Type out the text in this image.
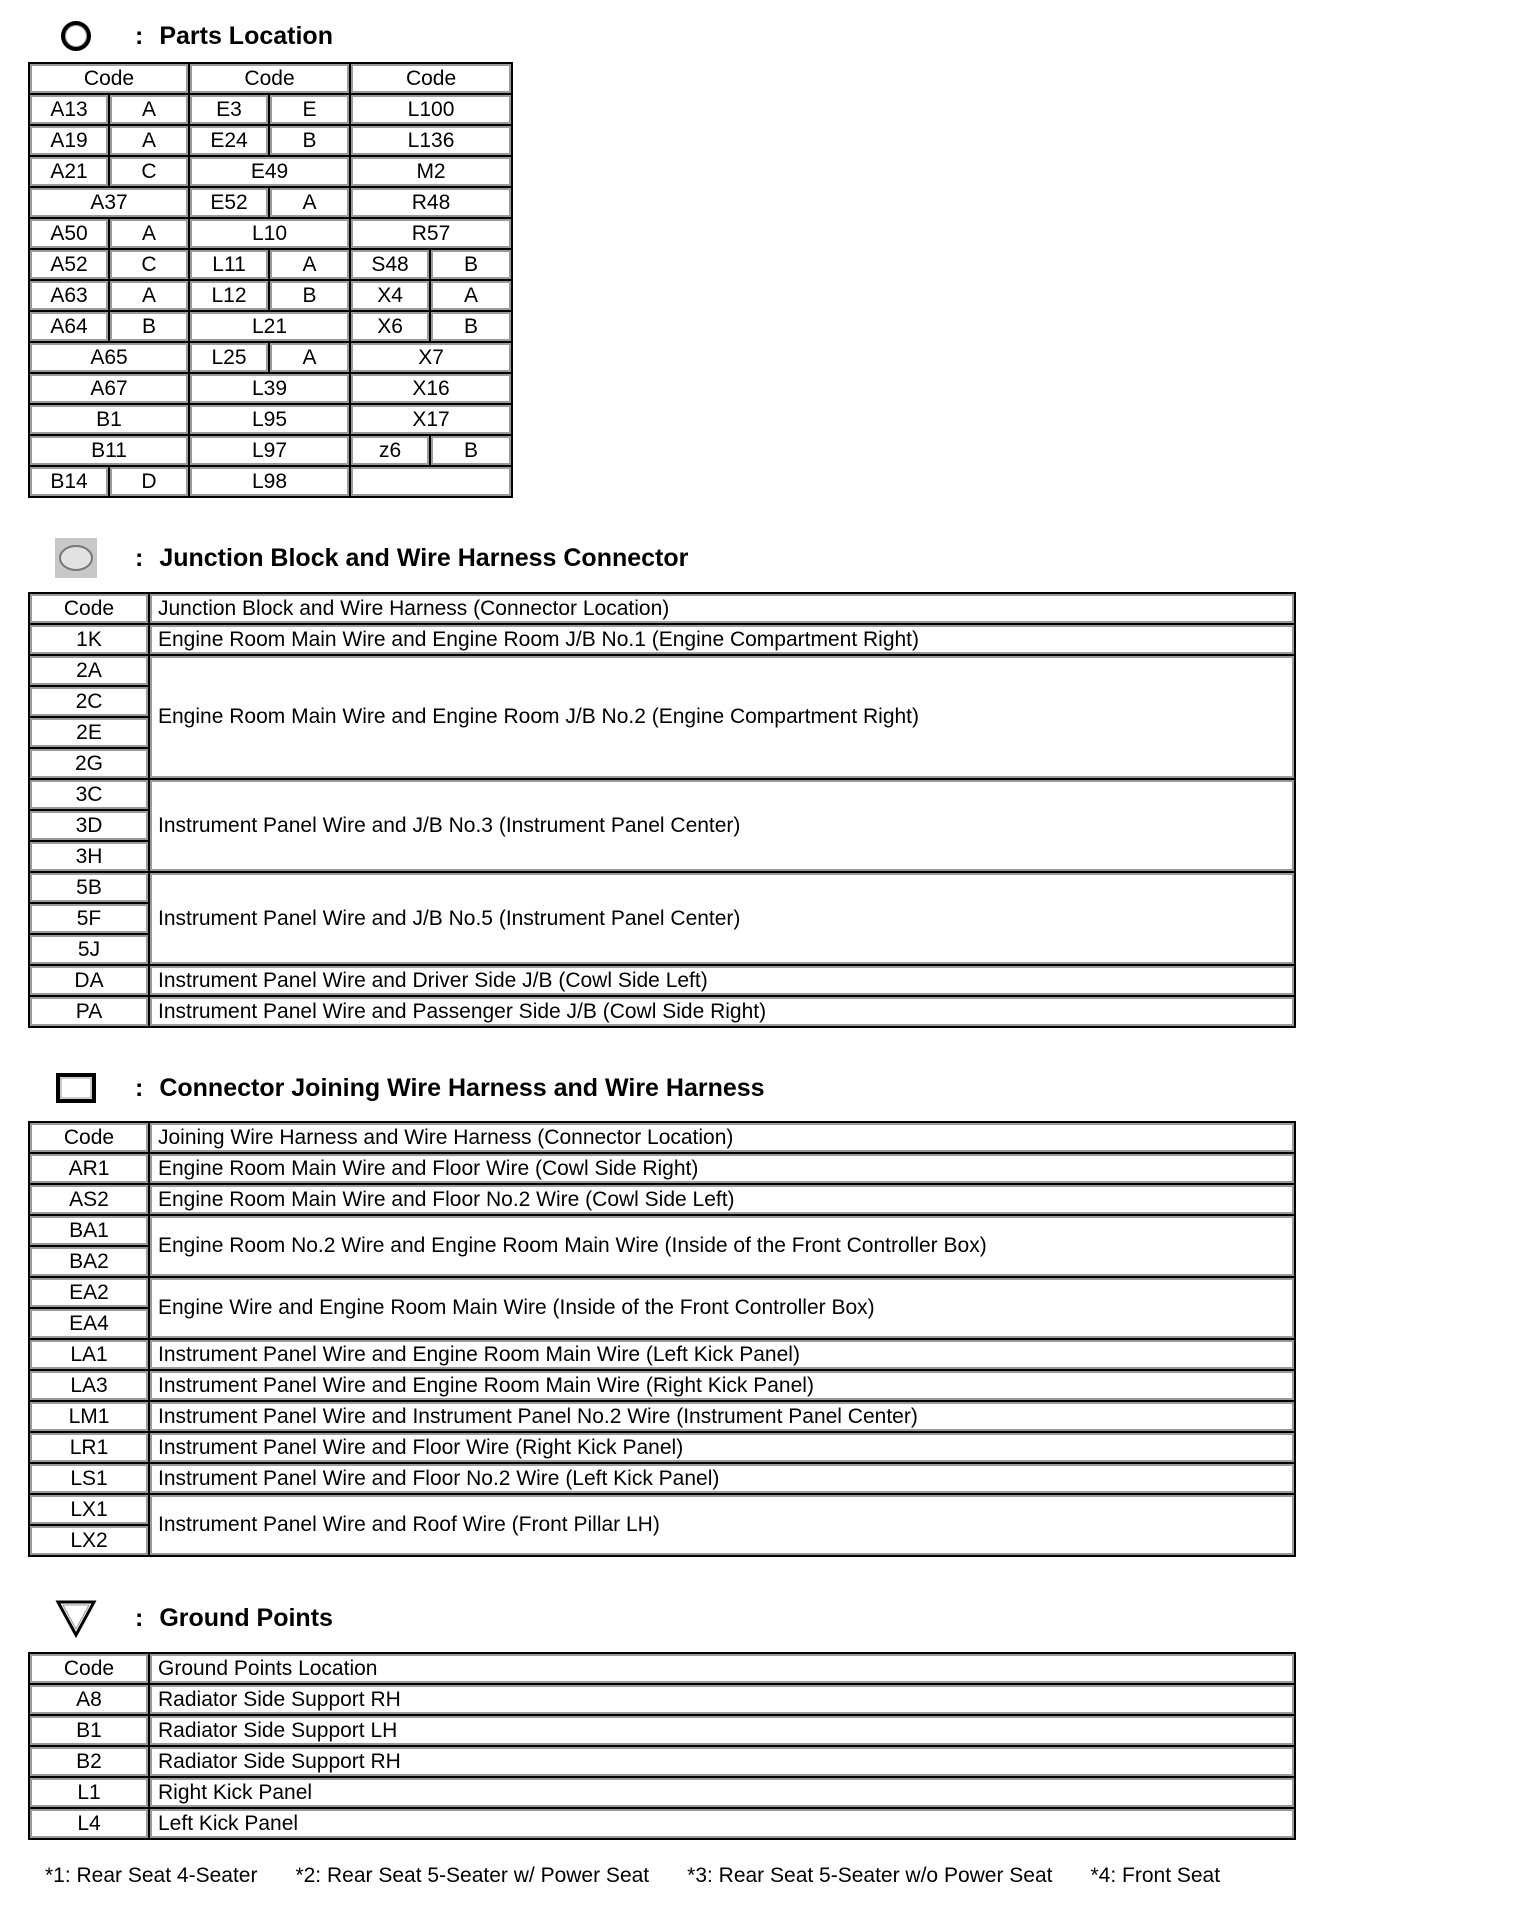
: Parts Location
Code		Code		Code	
A13	A	E3	E	L100	
A19	A	E24	B	L136	
A21	C	E49		M2	
A37		E52	A	R48	
A50	A	L10		R57	
A52	C	L11	A	S48	B
A63	A	L12	B	X4	A
A64	B	L21		X6	B
A65		L25	A	X7	
A67		L39		X16	
B1		L95		X17	
B11		L97		z6	B
B14	D	L98			
: Junction Block and Wire Harness Connector
Code	Junction Block and Wire Harness (Connector Location)
1K	Engine Room Main Wire and Engine Room J/B No.1 (Engine Compartment Right)
2A	Engine Room Main Wire and Engine Room J/B No.2 (Engine Compartment Right)
2C	
2E	
2G	
3C	Instrument Panel Wire and J/B No.3 (Instrument Panel Center)
3D	
3H	
5B	Instrument Panel Wire and J/B No.5 (Instrument Panel Center)
5F	
5J	
DA	Instrument Panel Wire and Driver Side J/B (Cowl Side Left)
PA	Instrument Panel Wire and Passenger Side J/B (Cowl Side Right)
: Connector Joining Wire Harness and Wire Harness
Code	Joining Wire Harness and Wire Harness (Connector Location)
AR1	Engine Room Main Wire and Floor Wire (Cowl Side Right)
AS2	Engine Room Main Wire and Floor No.2 Wire (Cowl Side Left)
BA1	Engine Room No.2 Wire and Engine Room Main Wire (Inside of the Front Controller Box)
BA2	
EA2	Engine Wire and Engine Room Main Wire (Inside of the Front Controller Box)
EA4	
LA1	Instrument Panel Wire and Engine Room Main Wire (Left Kick Panel)
LA3	Instrument Panel Wire and Engine Room Main Wire (Right Kick Panel)
LM1	Instrument Panel Wire and Instrument Panel No.2 Wire (Instrument Panel Center)
LR1	Instrument Panel Wire and Floor Wire (Right Kick Panel)
LS1	Instrument Panel Wire and Floor No.2 Wire (Left Kick Panel)
LX1	Instrument Panel Wire and Roof Wire (Front Pillar LH)
LX2	
: Ground Points
Code	Ground Points Location
A8	Radiator Side Support RH
B1	Radiator Side Support LH
B2	Radiator Side Support RH
L1	Right Kick Panel
L4	Left Kick Panel
*1: Rear Seat 4-Seater *2: Rear Seat 5-Seater w/ Power Seat *3: Rear Seat 5-Seater w/o Power Seat *4: Front Seat
